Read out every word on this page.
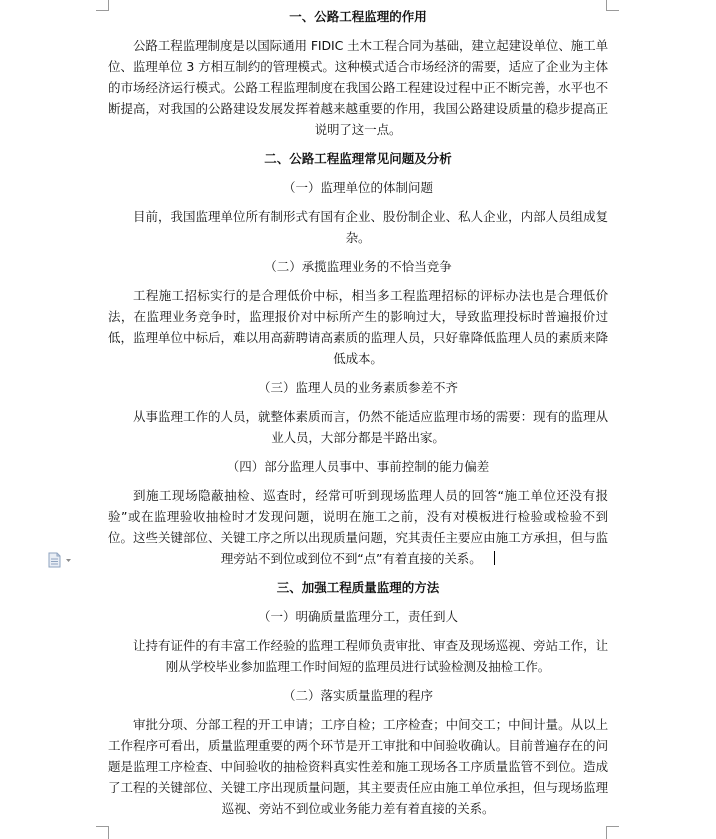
一、公路工程监理的作用
公路工程监理制度是以国际通用 FIDIC 土木工程合同为基础，建立起建设单位、施工单位、监理单位 3 方相互制约的管理模式。这种模式适合市场经济的需要，适应了企业为主体的市场经济运行模式。公路工程监理制度在我国公路工程建设过程中正不断完善，水平也不断提高，对我国的公路建设发展发挥着越来越重要的作用，我国公路建设质量的稳步提高正说明了这一点。
二、公路工程监理常见问题及分析
（一）监理单位的体制问题
目前，我国监理单位所有制形式有国有企业、股份制企业、私人企业，内部人员组成复杂。
（二）承揽监理业务的不恰当竞争
工程施工招标实行的是合理低价中标，相当多工程监理招标的评标办法也是合理低价法，在监理业务竞争时，监理报价对中标所产生的影响过大，导致监理投标时普遍报价过低，监理单位中标后，难以用高薪聘请高素质的监理人员，只好靠降低监理人员的素质来降低成本。
（三）监理人员的业务素质参差不齐
从事监理工作的人员，就整体素质而言，仍然不能适应监理市场的需要：现有的监理从业人员，大部分都是半路出家。
（四）部分监理人员事中、事前控制的能力偏差
到施工现场隐蔽抽检、巡查时，经常可听到现场监理人员的回答“施工单位还没有报验”或在监理验收抽检时才发现问题，说明在施工之前，没有对模板进行检验或检验不到位。这些关键部位、关键工序之所以出现质量问题，究其责任主要应由施工方承担，但与监理旁站不到位或到位不到“点”有着直接的关系。
三、加强工程质量监理的方法
（一）明确质量监理分工，责任到人
让持有证件的有丰富工作经验的监理工程师负责审批、审查及现场巡视、旁站工作，让刚从学校毕业参加监理工作时间短的监理员进行试验检测及抽检工作。
（二）落实质量监理的程序
审批分项、分部工程的开工申请；工序自检；工序检查；中间交工；中间计量。从以上工作程序可看出，质量监理重要的两个环节是开工审批和中间验收确认。目前普遍存在的问题是监理工序检查、中间验收的抽检资料真实性差和施工现场各工序质量监管不到位。造成了工程的关键部位、关键工序出现质量问题，其主要责任应由施工单位承担，但与现场监理巡视、旁站不到位或业务能力差有着直接的关系。
